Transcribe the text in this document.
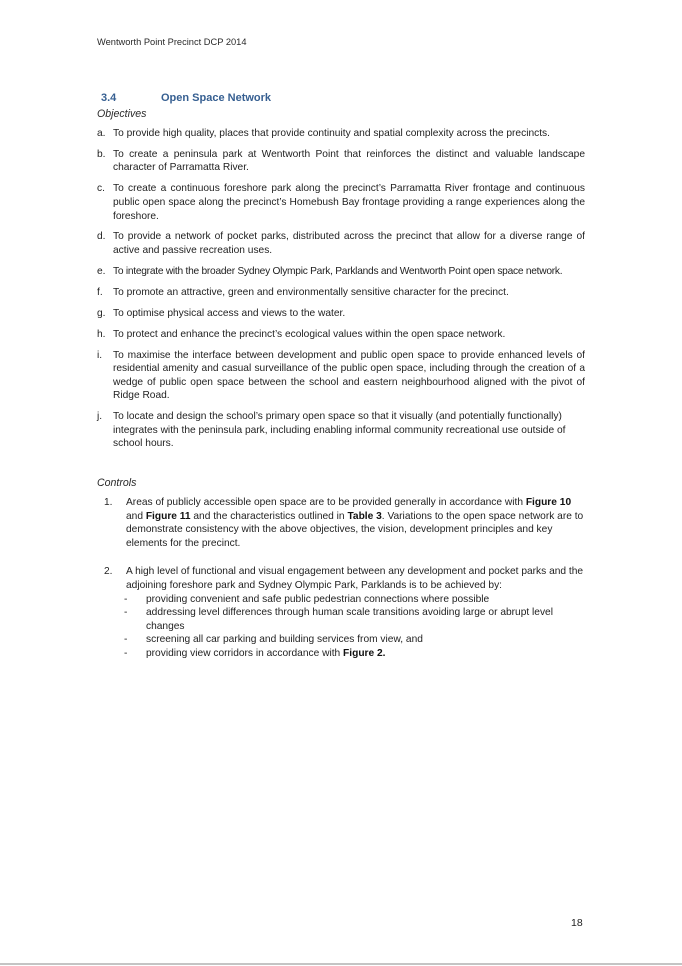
Wentworth Point Precinct DCP 2014
3.4	Open Space Network
Objectives
a. To provide high quality, places that provide continuity and spatial complexity across the precincts.
b. To create a peninsula park at Wentworth Point that reinforces the distinct and valuable landscape character of Parramatta River.
c. To create a continuous foreshore park along the precinct’s Parramatta River frontage and continuous public open space along the precinct’s Homebush Bay frontage providing a range experiences along the foreshore.
d. To provide a network of pocket parks, distributed across the precinct that allow for a diverse range of active and passive recreation uses.
e. To integrate with the broader Sydney Olympic Park, Parklands and Wentworth Point open space network.
f. To promote an attractive, green and environmentally sensitive character for the precinct.
g. To optimise physical access and views to the water.
h. To protect and enhance the precinct’s ecological values within the open space network.
i. To maximise the interface between development and public open space to provide enhanced levels of residential amenity and casual surveillance of the public open space, including through the creation of a wedge of public open space between the school and eastern neighbourhood aligned with the pivot of Ridge Road.
j. To locate and design the school’s primary open space so that it visually (and potentially functionally) integrates with the peninsula park, including enabling informal community recreational use outside of school hours.
Controls
1. Areas of publicly accessible open space are to be provided generally in accordance with Figure 10 and Figure 11 and the characteristics outlined in Table 3. Variations to the open space network are to demonstrate consistency with the above objectives, the vision, development principles and key elements for the precinct.
2. A high level of functional and visual engagement between any development and pocket parks and the adjoining foreshore park and Sydney Olympic Park, Parklands is to be achieved by:
- providing convenient and safe public pedestrian connections where possible
- addressing level differences through human scale transitions avoiding large or abrupt level changes
- screening all car parking and building services from view, and
- providing view corridors in accordance with Figure 2.
18
